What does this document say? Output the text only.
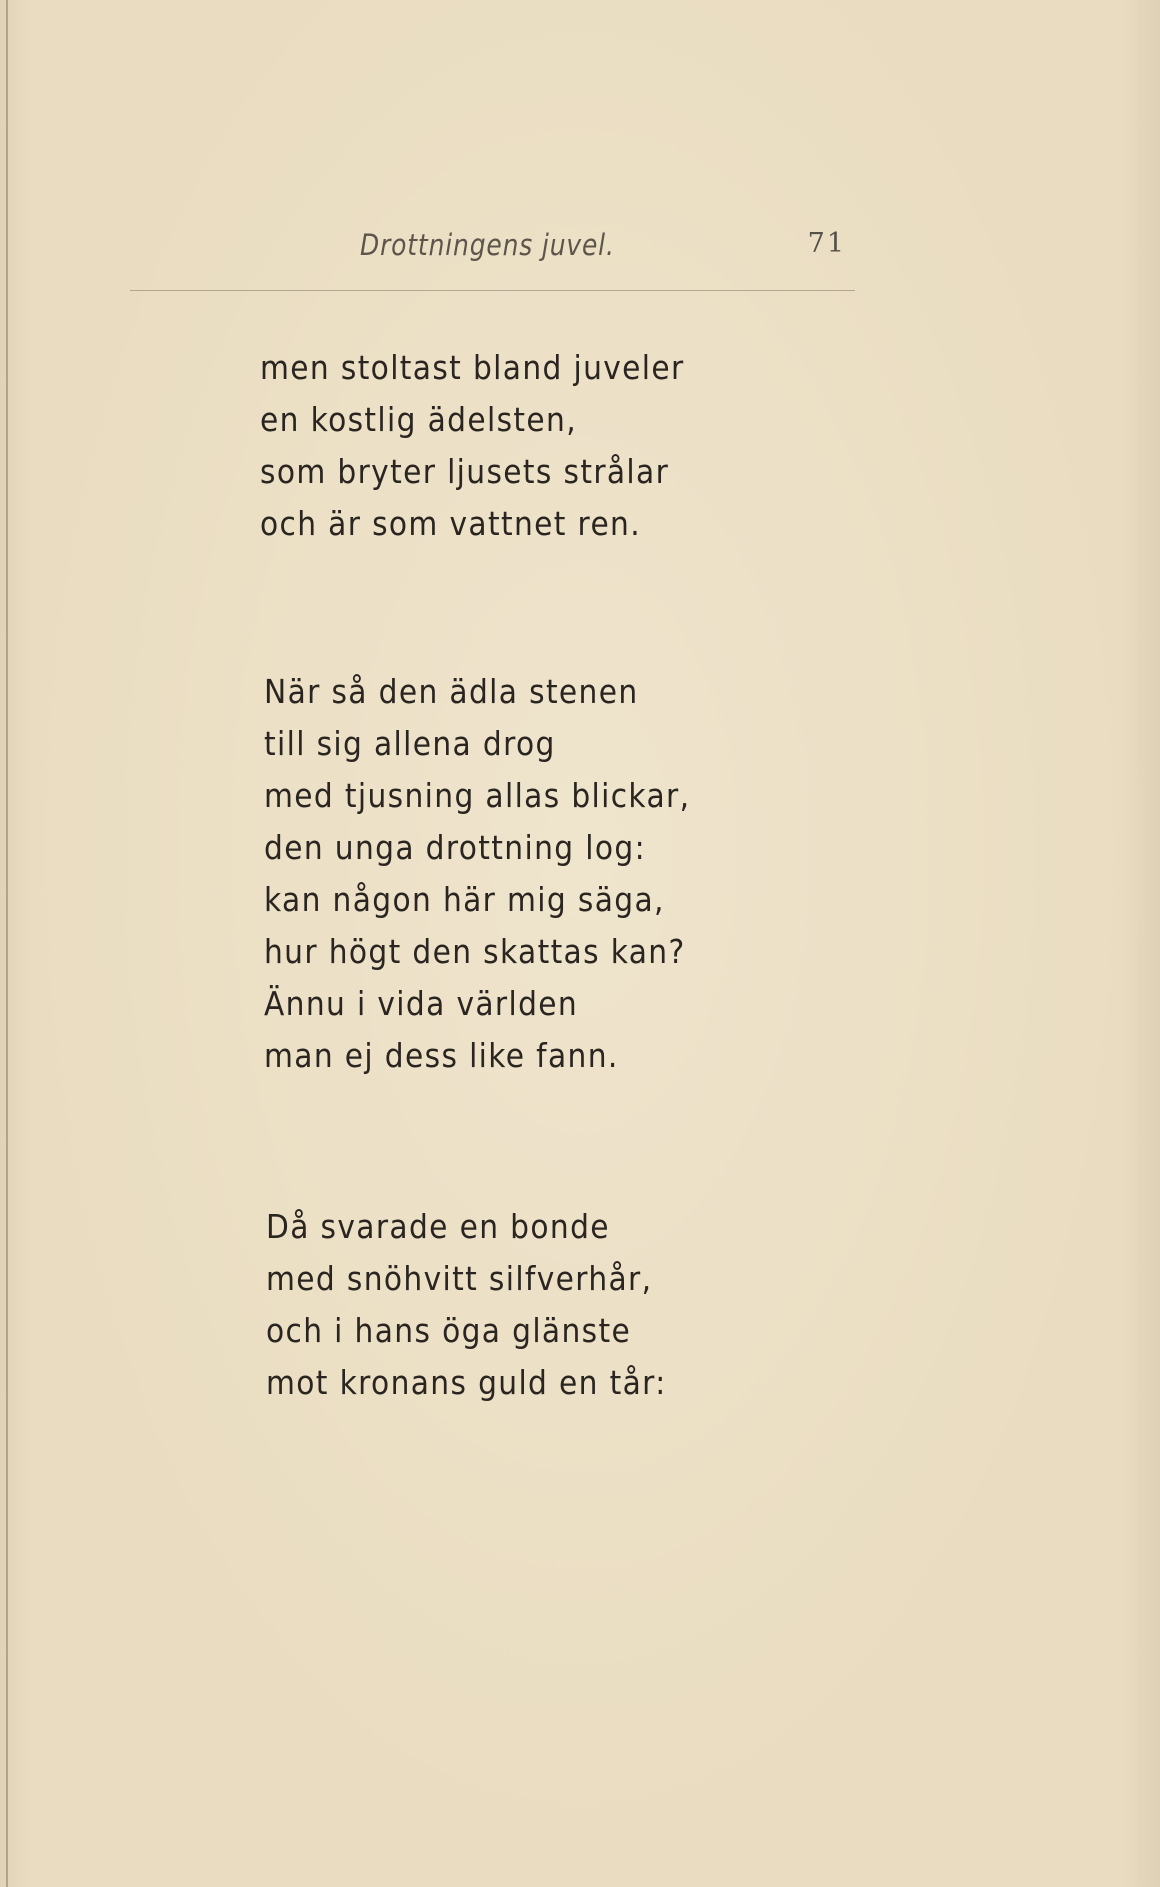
Drottningens juvel.	71
men stoltast bland juveler
en kostlig ädelsten,
som bryter ljusets strålar
och är som vattnet ren.
När så den ädla stenen
till sig allena drog
med tjusning allas blickar,
den unga drottning log:
kan någon här mig säga,
hur högt den skattas kan?
Ännu i vida världen
man ej dess like fann.
Då svarade en bonde
med snöhvitt silfverhår,
och i hans öga glänste
mot kronans guld en tår:
